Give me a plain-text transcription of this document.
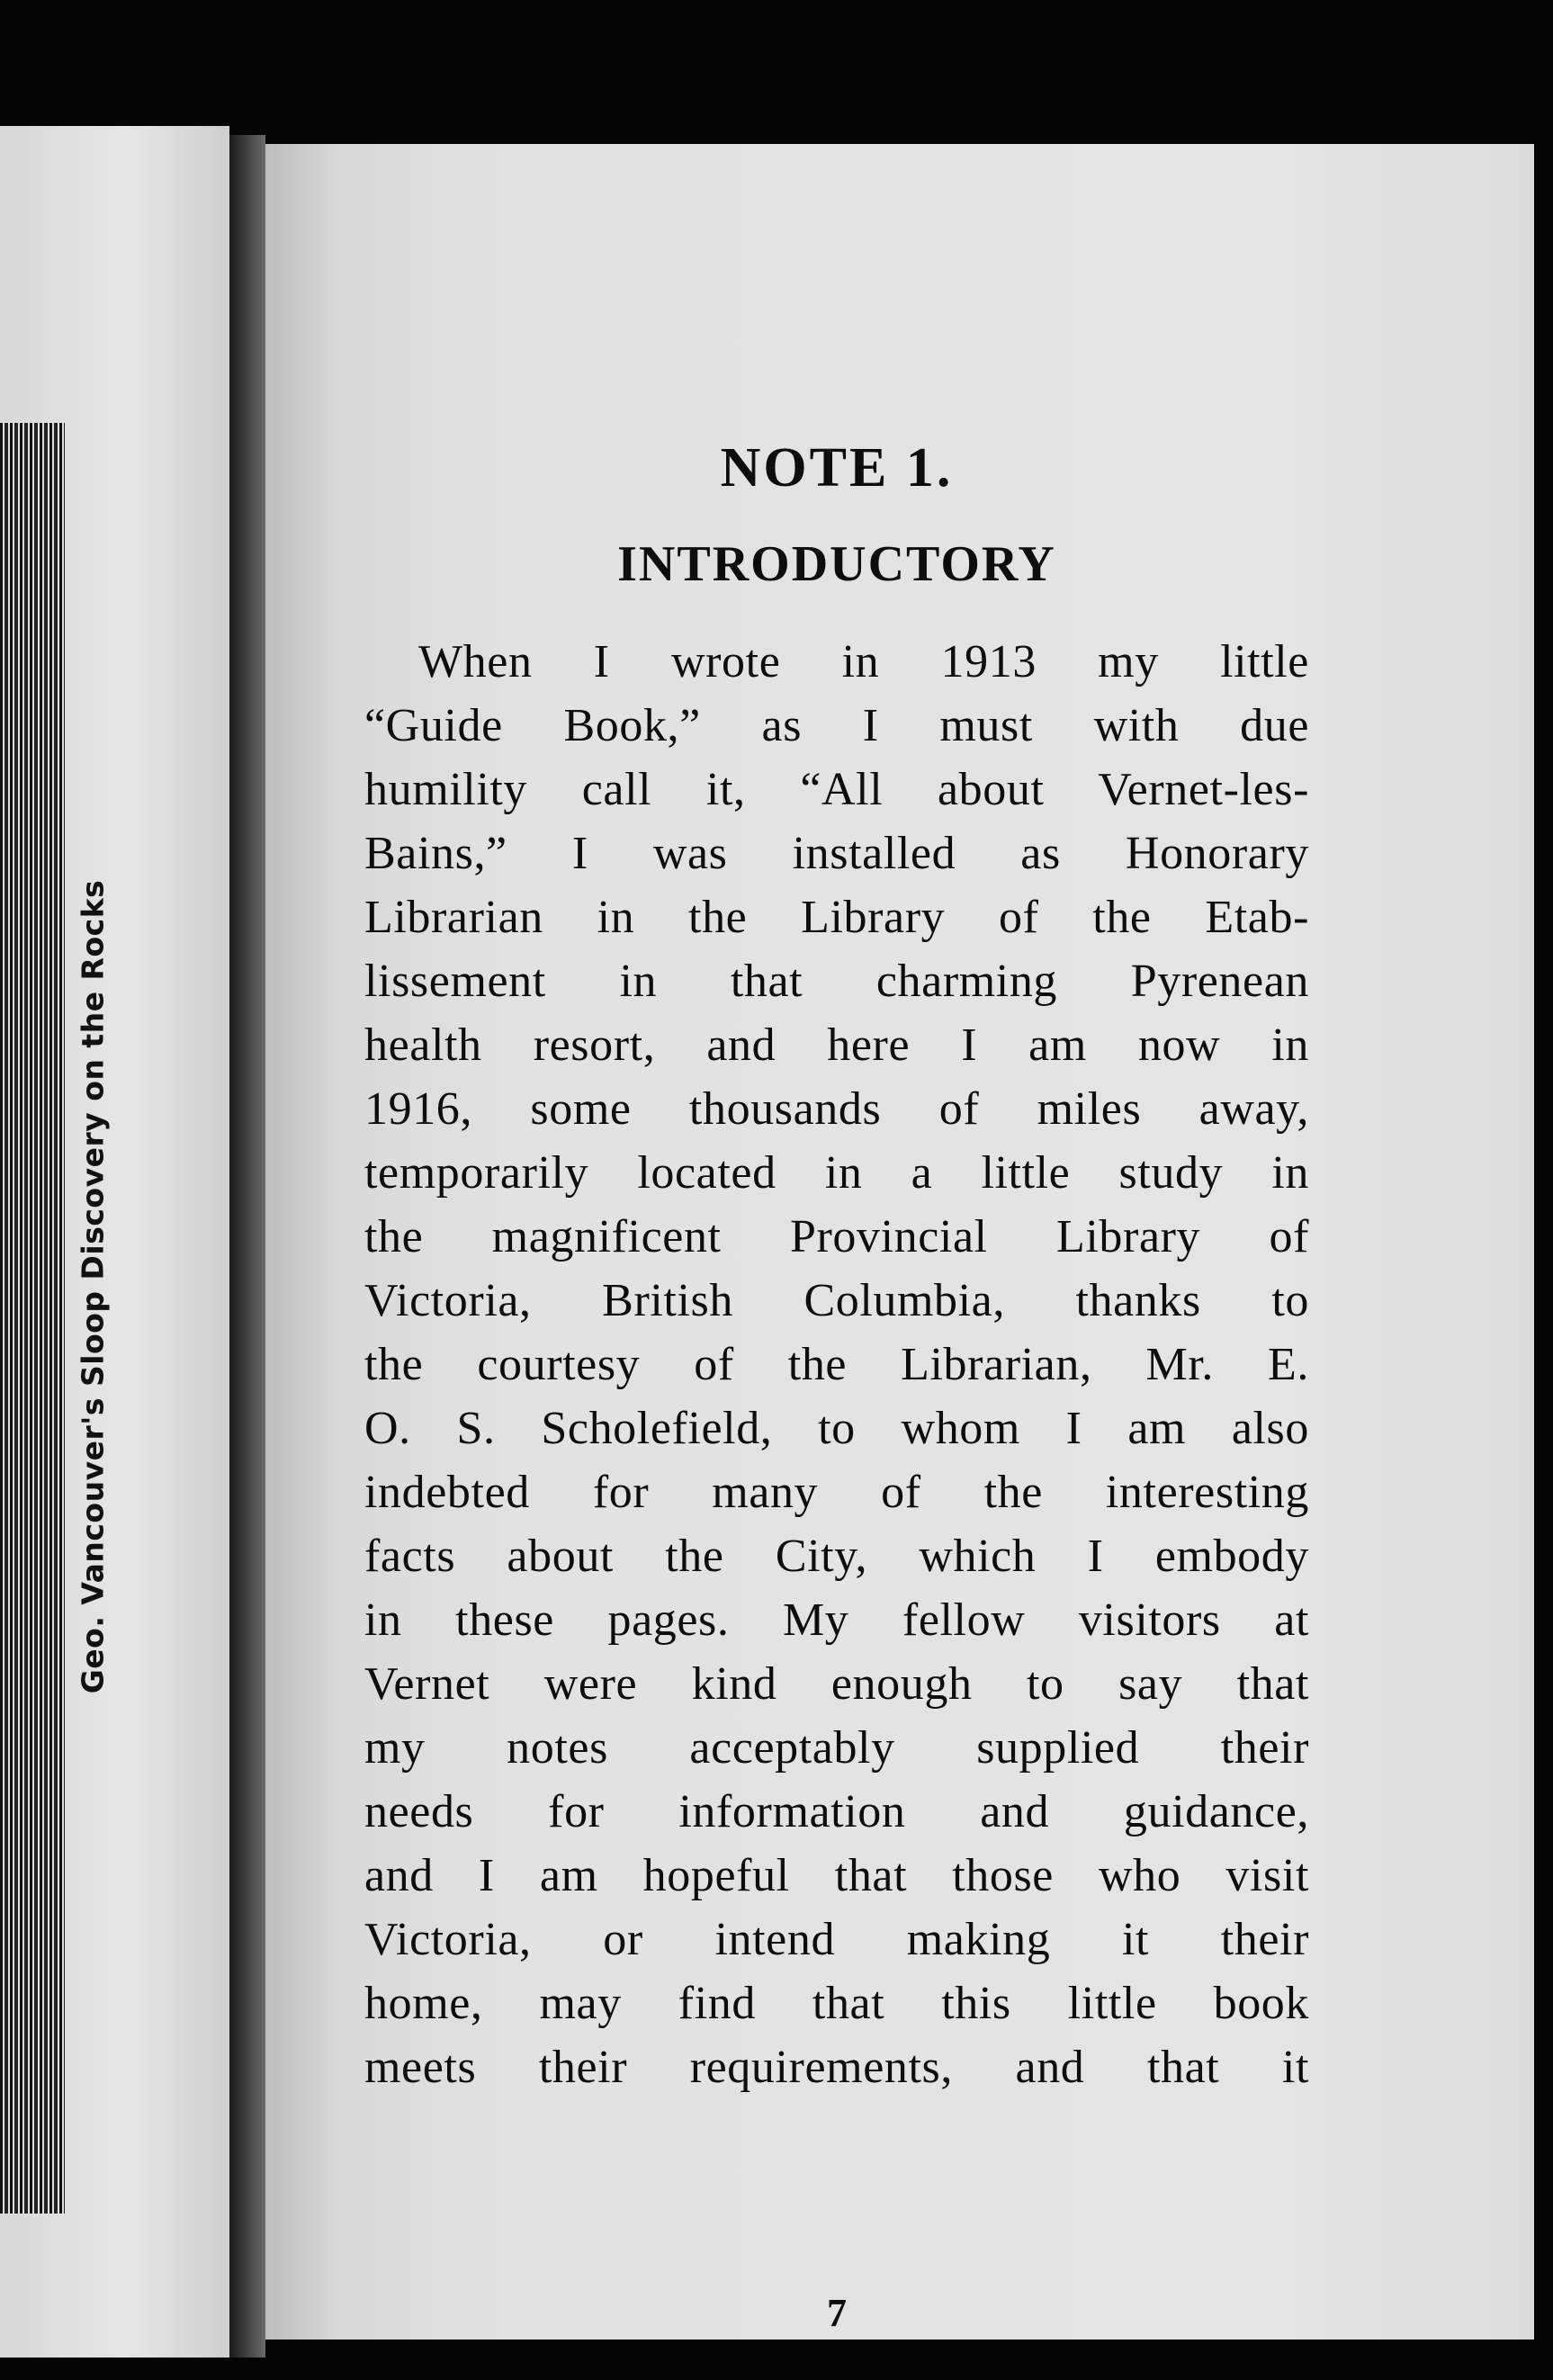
Geo. Vancouver's Sloop Discovery on the Rocks
NOTE 1.
INTRODUCTORY
When I wrote in 1913 my little
“Guide Book,” as I must with due
humility call it, “All about Vernet-les-
Bains,” I was installed as Honorary
Librarian in the Library of the Etab-
lissement in that charming Pyrenean
health resort, and here I am now in
1916, some thousands of miles away,
temporarily located in a little study in
the magnificent Provincial Library of
Victoria, British Columbia, thanks to
the courtesy of the Librarian, Mr. E.
O. S. Scholefield, to whom I am also
indebted for many of the interesting
facts about the City, which I embody
in these pages. My fellow visitors at
Vernet were kind enough to say that
my notes acceptably supplied their
needs for information and guidance,
and I am hopeful that those who visit
Victoria, or intend making it their
home, may find that this little book
meets their requirements, and that it

7
